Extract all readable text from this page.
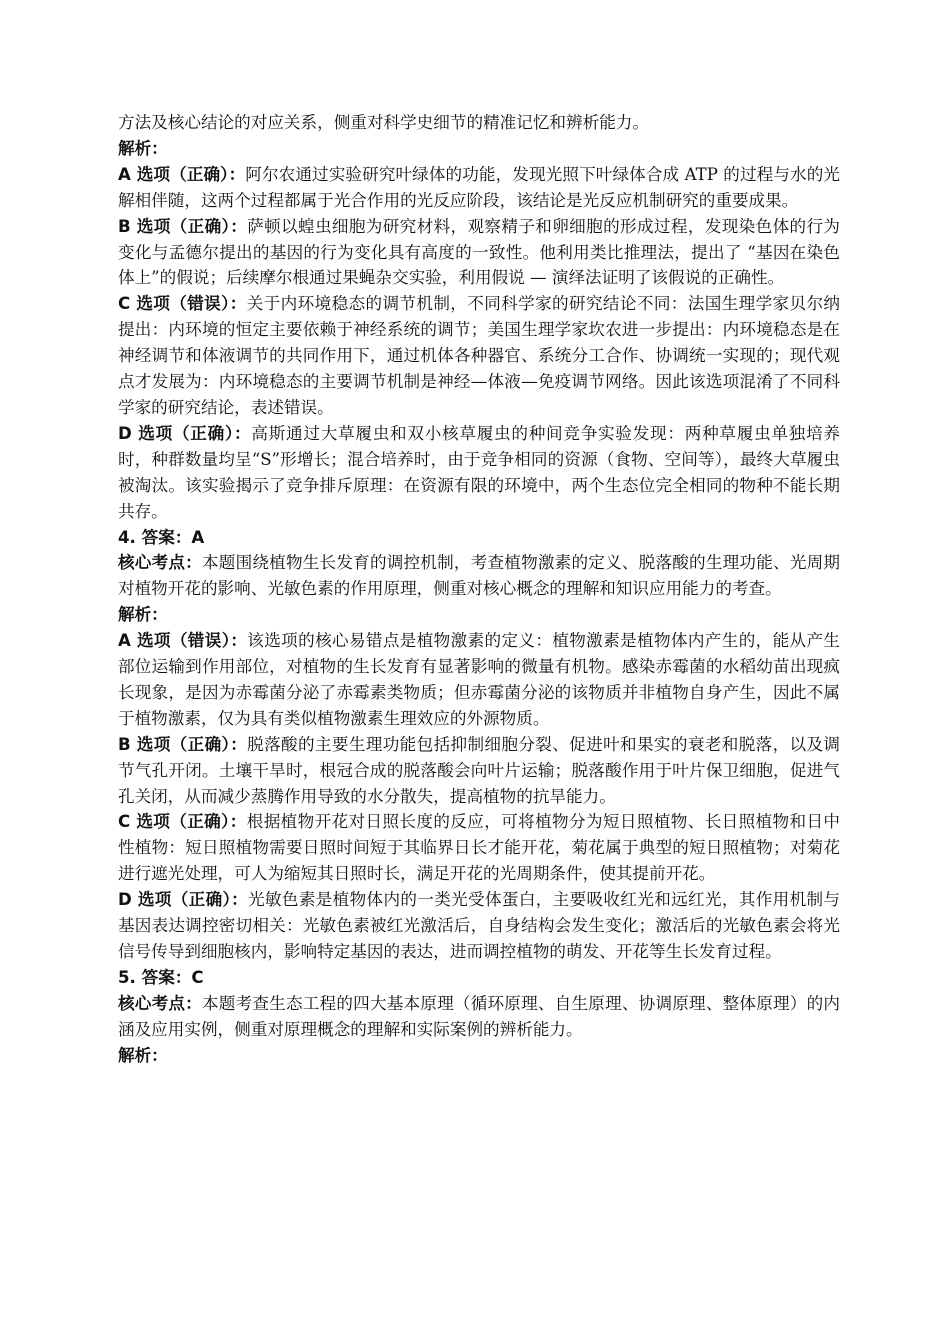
方法及核心结论的对应关系，侧重对科学史细节的精准记忆和辨析能力。

解析：

A 选项（正确）：阿尔农通过实验研究叶绿体的功能，发现光照下叶绿体合成 ATP 的过程与水的光解相伴随，这两个过程都属于光合作用的光反应阶段，该结论是光反应机制研究的重要成果。

B 选项（正确）：萨顿以蝗虫细胞为研究材料，观察精子和卵细胞的形成过程，发现染色体的行为变化与孟德尔提出的基因的行为变化具有高度的一致性。他利用类比推理法，提出了 “基因在染色体上”的假说；后续摩尔根通过果蝇杂交实验，利用假说 — 演绎法证明了该假说的正确性。

C 选项（错误）：关于内环境稳态的调节机制，不同科学家的研究结论不同：法国生理学家贝尔纳提出：内环境的恒定主要依赖于神经系统的调节；美国生理学家坎农进一步提出：内环境稳态是在神经调节和体液调节的共同作用下，通过机体各种器官、系统分工合作、协调统一实现的；现代观点才发展为：内环境稳态的主要调节机制是神经—体液—免疫调节网络。因此该选项混淆了不同科学家的研究结论，表述错误。

D 选项（正确）：高斯通过大草履虫和双小核草履虫的种间竞争实验发现：两种草履虫单独培养时，种群数量均呈“S”形增长；混合培养时，由于竞争相同的资源（食物、空间等），最终大草履虫被淘汰。该实验揭示了竞争排斥原理：在资源有限的环境中，两个生态位完全相同的物种不能长期共存。

4. 答案：A

核心考点：本题围绕植物生长发育的调控机制，考查植物激素的定义、脱落酸的生理功能、光周期对植物开花的影响、光敏色素的作用原理，侧重对核心概念的理解和知识应用能力的考查。

解析：

A 选项（错误）：该选项的核心易错点是植物激素的定义：植物激素是植物体内产生的，能从产生部位运输到作用部位，对植物的生长发育有显著影响的微量有机物。感染赤霉菌的水稻幼苗出现疯长现象，是因为赤霉菌分泌了赤霉素类物质；但赤霉菌分泌的该物质并非植物自身产生，因此不属于植物激素，仅为具有类似植物激素生理效应的外源物质。

B 选项（正确）：脱落酸的主要生理功能包括抑制细胞分裂、促进叶和果实的衰老和脱落，以及调节气孔开闭。土壤干旱时，根冠合成的脱落酸会向叶片运输；脱落酸作用于叶片保卫细胞，促进气孔关闭，从而减少蒸腾作用导致的水分散失，提高植物的抗旱能力。

C 选项（正确）：根据植物开花对日照长度的反应，可将植物分为短日照植物、长日照植物和日中性植物：短日照植物需要日照时间短于其临界日长才能开花，菊花属于典型的短日照植物；对菊花进行遮光处理，可人为缩短其日照时长，满足开花的光周期条件，使其提前开花。

D 选项（正确）：光敏色素是植物体内的一类光受体蛋白，主要吸收红光和远红光，其作用机制与基因表达调控密切相关：光敏色素被红光激活后，自身结构会发生变化；激活后的光敏色素会将光信号传导到细胞核内，影响特定基因的表达，进而调控植物的萌发、开花等生长发育过程。

5. 答案：C

核心考点：本题考查生态工程的四大基本原理（循环原理、自生原理、协调原理、整体原理）的内涵及应用实例，侧重对原理概念的理解和实际案例的辨析能力。

解析：
